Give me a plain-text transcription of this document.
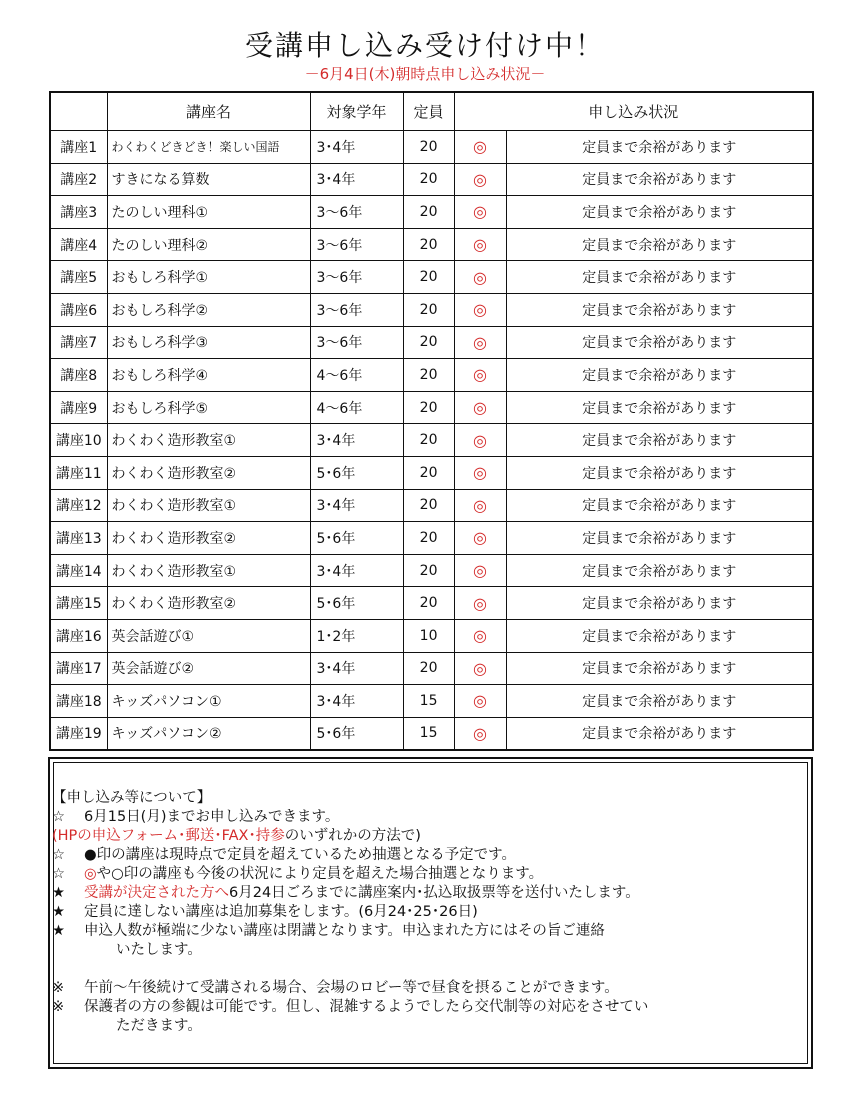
受講申し込み受け付け中！
－6月4日(木)朝時点申し込み状況－
	講座名	対象学年	定員	申し込み状況	
講座1	わくわくどきどき！楽しい国語	3･4年	20	◎	定員まで余裕があります
講座2	すきになる算数	3･4年	20	◎	定員まで余裕があります
講座3	たのしい理科①	3～6年	20	◎	定員まで余裕があります
講座4	たのしい理科②	3～6年	20	◎	定員まで余裕があります
講座5	おもしろ科学①	3～6年	20	◎	定員まで余裕があります
講座6	おもしろ科学②	3～6年	20	◎	定員まで余裕があります
講座7	おもしろ科学③	3～6年	20	◎	定員まで余裕があります
講座8	おもしろ科学④	4～6年	20	◎	定員まで余裕があります
講座9	おもしろ科学⑤	4～6年	20	◎	定員まで余裕があります
講座10	わくわく造形教室①	3･4年	20	◎	定員まで余裕があります
講座11	わくわく造形教室②	5･6年	20	◎	定員まで余裕があります
講座12	わくわく造形教室①	3･4年	20	◎	定員まで余裕があります
講座13	わくわく造形教室②	5･6年	20	◎	定員まで余裕があります
講座14	わくわく造形教室①	3･4年	20	◎	定員まで余裕があります
講座15	わくわく造形教室②	5･6年	20	◎	定員まで余裕があります
講座16	英会話遊び①	1･2年	10	◎	定員まで余裕があります
講座17	英会話遊び②	3･4年	20	◎	定員まで余裕があります
講座18	キッズパソコン①	3･4年	15	◎	定員まで余裕があります
講座19	キッズパソコン②	5･6年	15	◎	定員まで余裕があります
【申し込み等について】
☆	6月15日(月)までお申し込みできます。
(HPの申込フォーム･郵送･FAX･持参のいずれかの方法で)
☆	●印の講座は現時点で定員を超えているため抽選となる予定です。
☆	◎や○印の講座も今後の状況により定員を超えた場合抽選となります。
★	受講が決定された方へ6月24日ごろまでに講座案内･払込取扱票等を送付いたします。
★	定員に達しない講座は追加募集をします。(6月24･25･26日)
★	申込人数が極端に少ない講座は閉講となります。申込まれた方にはその旨ご連絡
いたします。
※	午前～午後続けて受講される場合、会場のロビー等で昼食を摂ることができます。
※	保護者の方の参観は可能です。但し、混雑するようでしたら交代制等の対応をさせてい
ただきます。
